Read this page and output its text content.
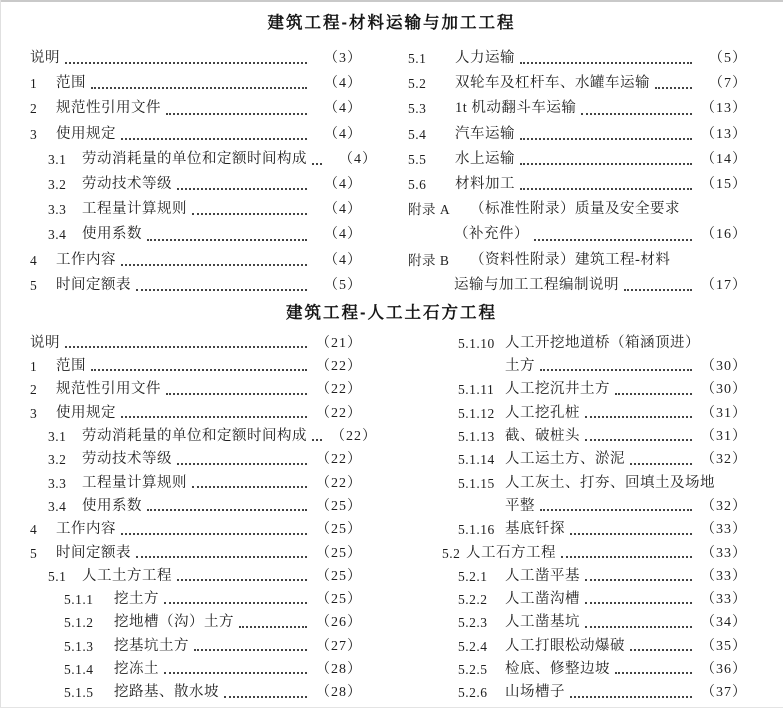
建筑工程-材料运输与加工工程
说明	（3）
1	范围	（4）
2	规范性引用文件	（4）
3	使用规定	（4）
3.1	劳动消耗量的单位和定额时间构成	（4）
3.2	劳动技术等级	（4）
3.3	工程量计算规则	（4）
3.4	使用系数	（4）
4	工作内容	（4）
5	时间定额表	（5）
5.1	人力运输	（5）
5.2	双轮车及杠杆车、水罐车运输	（7）
5.3	1t 机动翻斗车运输	（13）
5.4	汽车运输	（13）
5.5	水上运输	（14）
5.6	材料加工	（15）
附录 A	（标准性附录）质量及安全要求
（补充件）	（16）
附录 B	（资料性附录）建筑工程-材料
运输与加工工程编制说明	（17）
建筑工程-人工土石方工程
说明	（21）
1	范围	（22）
2	规范性引用文件	（22）
3	使用规定	（22）
3.1	劳动消耗量的单位和定额时间构成	（22）
3.2	劳动技术等级	（22）
3.3	工程量计算规则	（22）
3.4	使用系数	（25）
4	工作内容	（25）
5	时间定额表	（25）
5.1	人工土方工程	（25）
5.1.1	挖土方	（25）
5.1.2	挖地槽（沟）土方	（26）
5.1.3	挖基坑土方	（27）
5.1.4	挖冻土	（28）
5.1.5	挖路基、散水坡	（28）
5.1.10 人工开挖地道桥（箱涵顶进）
土方	（30）
5.1.11 人工挖沉井土方	（30）
5.1.12 人工挖孔桩	（31）
5.1.13 截、破桩头	（31）
5.1.14 人工运土方、淤泥	（32）
5.1.15 人工灰土、打夯、回填土及场地
平整	（32）
5.1.16 基底钎探	（33）
5.2 人工石方工程	（33）
5.2.1	人工凿平基	（33）
5.2.2	人工凿沟槽	（33）
5.2.3	人工凿基坑	（34）
5.2.4	人工打眼松动爆破	（35）
5.2.5	检底、修整边坡	（36）
5.2.6	山场槽子	（37）
